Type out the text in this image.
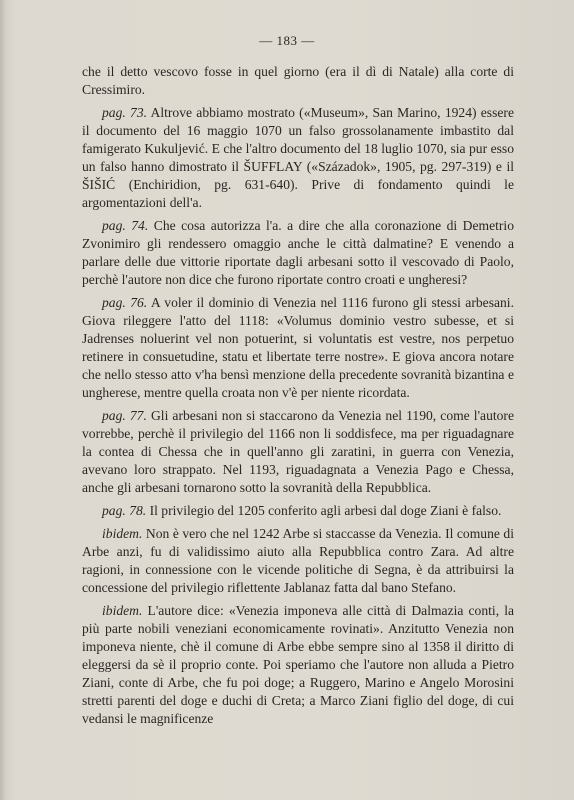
— 183 —

che il detto vescovo fosse in quel giorno (era il dì di Natale) alla corte di Cressimiro.

pag. 73. Altrove abbiamo mostrato («Museum», San Marino, 1924) essere il documento del 16 maggio 1070 un falso grossolanamente imbastito dal famigerato Kukuljević. E che l'altro documento del 18 luglio 1070, sia pur esso un falso hanno dimostrato il ŠUFFLAY («Századok», 1905, pg. 297-319) e il ŠIŠIĆ (Enchiridion, pg. 631-640). Prive di fondamento quindi le argomentazioni dell'a.

pag. 74. Che cosa autorizza l'a. a dire che alla coronazione di Demetrio Zvonimiro gli rendessero omaggio anche le città dalmatine? E venendo a parlare delle due vittorie riportate dagli arbesani sotto il vescovado di Paolo, perchè l'autore non dice che furono riportate contro croati e ungheresi?

pag. 76. A voler il dominio di Venezia nel 1116 furono gli stessi arbesani. Giova rileggere l'atto del 1118: «Volumus dominio vestro subesse, et si Jadrenses noluerint vel non potuerint, si voluntatis est vestre, nos perpetuo retinere in consuetudine, statu et libertate terre nostre». E giova ancora notare che nello stesso atto v'ha bensì menzione della precedente sovranità bizantina e ungherese, mentre quella croata non v'è per niente ricordata.

pag. 77. Gli arbesani non si staccarono da Venezia nel 1190, come l'autore vorrebbe, perchè il privilegio del 1166 non li soddisfece, ma per riguadagnare la contea di Chessa che in quell'anno gli zaratini, in guerra con Venezia, avevano loro strappato. Nel 1193, riguadagnata a Venezia Pago e Chessa, anche gli arbesani tornarono sotto la sovranità della Repubblica.

pag. 78. Il privilegio del 1205 conferito agli arbesi dal doge Ziani è falso.

ibidem. Non è vero che nel 1242 Arbe si staccasse da Venezia. Il comune di Arbe anzi, fu di validissimo aiuto alla Repubblica contro Zara. Ad altre ragioni, in connessione con le vicende politiche di Segna, è da attribuirsi la concessione del privilegio riflettente Jablanaz fatta dal bano Stefano.

ibidem. L'autore dice: «Venezia imponeva alle città di Dalmazia conti, la più parte nobili veneziani economicamente rovinati». Anzitutto Venezia non imponeva niente, chè il comune di Arbe ebbe sempre sino al 1358 il diritto di eleggersi da sè il proprio conte. Poi speriamo che l'autore non alluda a Pietro Ziani, conte di Arbe, che fu poi doge; a Ruggero, Marino e Angelo Morosini stretti parenti del doge e duchi di Creta; a Marco Ziani figlio del doge, di cui vedansi le magnificenze
